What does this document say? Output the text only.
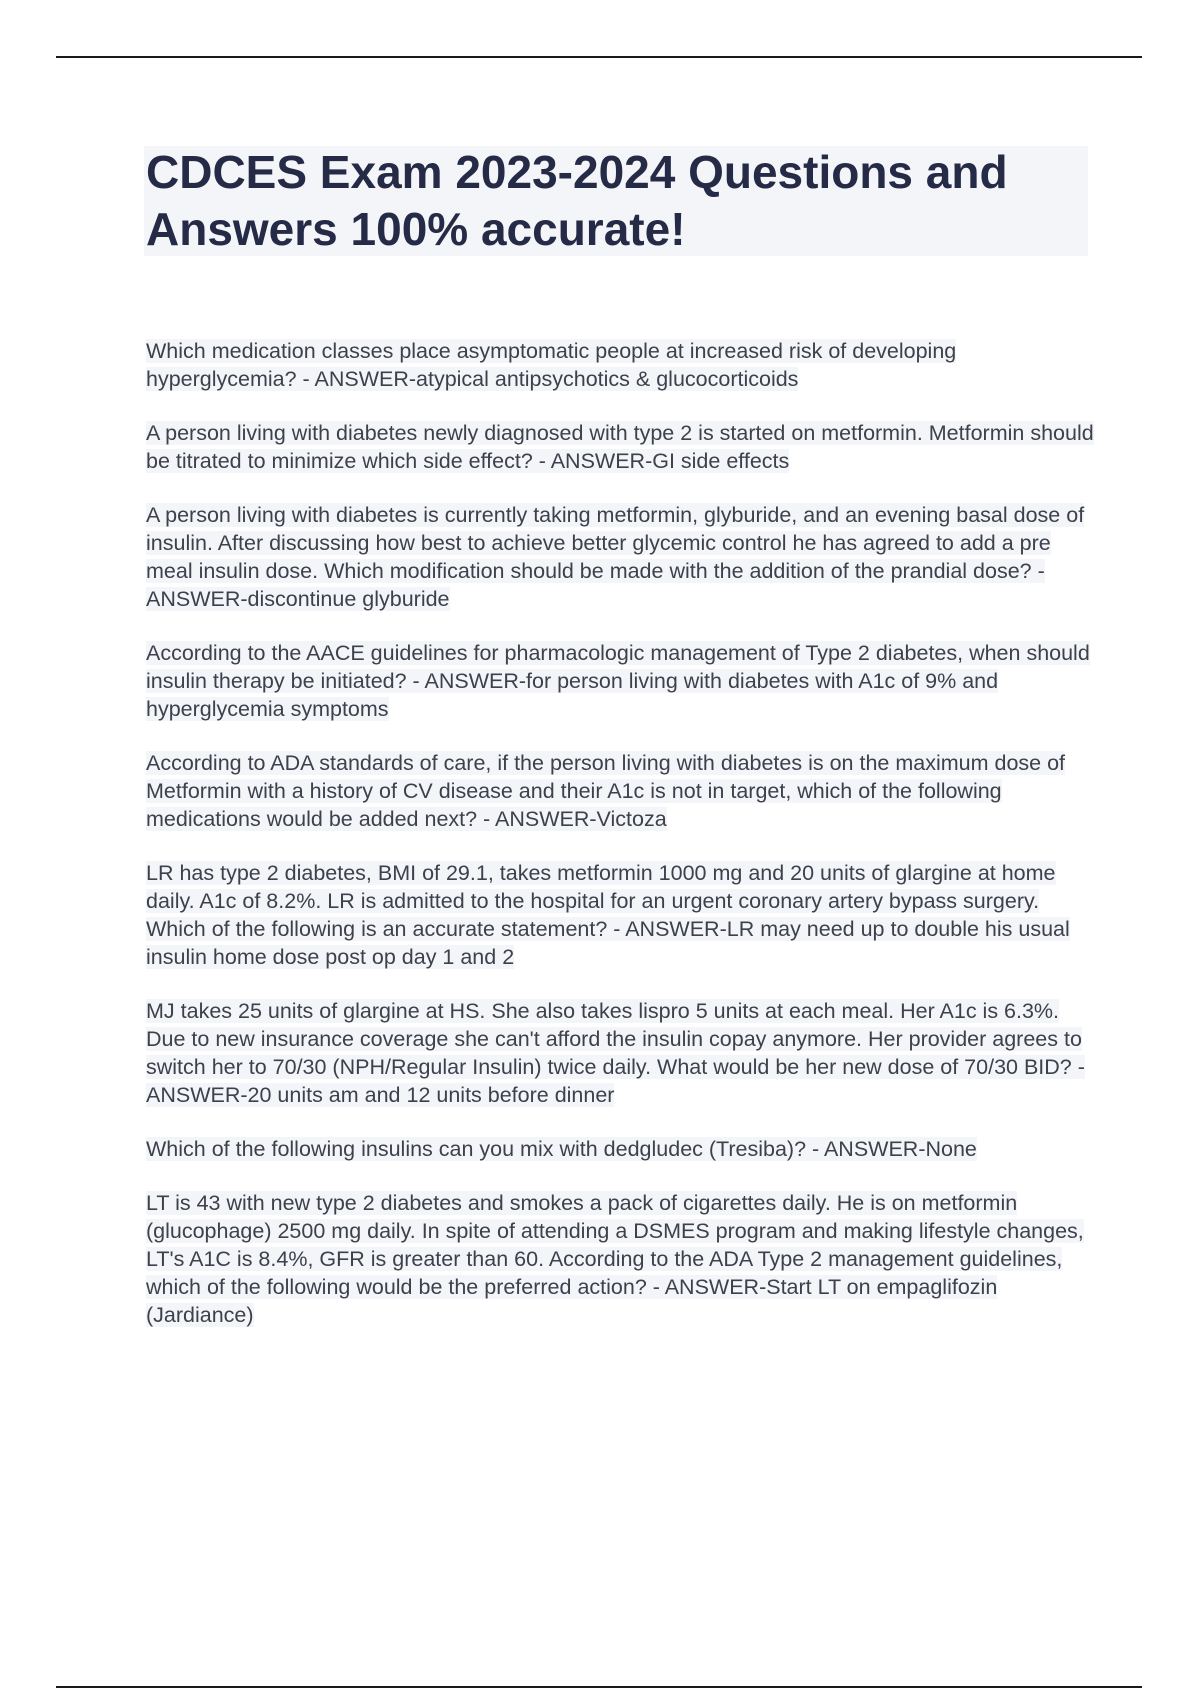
CDCES Exam 2023-2024 Questions and Answers 100% accurate!

Which medication classes place asymptomatic people at increased risk of developing hyperglycemia? - ANSWER-atypical antipsychotics & glucocorticoids

A person living with diabetes newly diagnosed with type 2 is started on metformin. Metformin should be titrated to minimize which side effect? - ANSWER-GI side effects

A person living with diabetes is currently taking metformin, glyburide, and an evening basal dose of insulin. After discussing how best to achieve better glycemic control he has agreed to add a pre meal insulin dose. Which modification should be made with the addition of the prandial dose? - ANSWER-discontinue glyburide

According to the AACE guidelines for pharmacologic management of Type 2 diabetes, when should insulin therapy be initiated? - ANSWER-for person living with diabetes with A1c of 9% and hyperglycemia symptoms

According to ADA standards of care, if the person living with diabetes is on the maximum dose of Metformin with a history of CV disease and their A1c is not in target, which of the following medications would be added next? - ANSWER-Victoza

LR has type 2 diabetes, BMI of 29.1, takes metformin 1000 mg and 20 units of glargine at home daily. A1c of 8.2%. LR is admitted to the hospital for an urgent coronary artery bypass surgery. Which of the following is an accurate statement? - ANSWER-LR may need up to double his usual insulin home dose post op day 1 and 2

MJ takes 25 units of glargine at HS. She also takes lispro 5 units at each meal. Her A1c is 6.3%. Due to new insurance coverage she can't afford the insulin copay anymore. Her provider agrees to switch her to 70/30 (NPH/Regular Insulin) twice daily. What would be her new dose of 70/30 BID? - ANSWER-20 units am and 12 units before dinner

Which of the following insulins can you mix with dedgludec (Tresiba)? - ANSWER-None

LT is 43 with new type 2 diabetes and smokes a pack of cigarettes daily. He is on metformin (glucophage) 2500 mg daily. In spite of attending a DSMES program and making lifestyle changes, LT's A1C is 8.4%, GFR is greater than 60. According to the ADA Type 2 management guidelines, which of the following would be the preferred action? - ANSWER-Start LT on empaglifozin (Jardiance)
